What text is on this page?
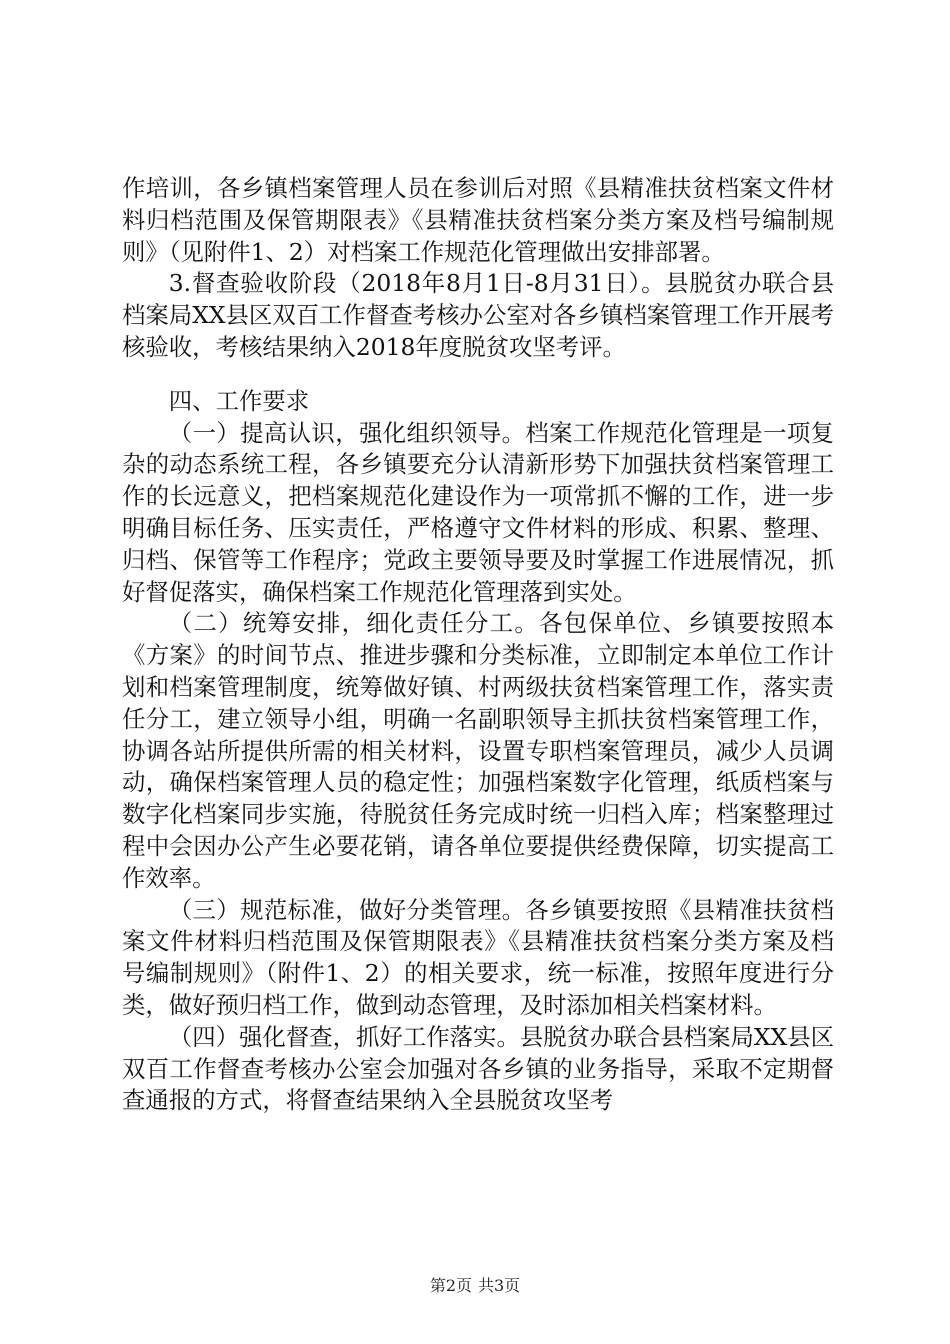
作培训，各乡镇档案管理人员在参训后对照《县精准扶贫档案文件材料归档范围及保管期限表》《县精准扶贫档案分类方案及档号编制规则》（见附件1、2）对档案工作规范化管理做出安排部署。

3.督查验收阶段（2018年8月1日-8月31日）。县脱贫办联合县档案局XX县区双百工作督查考核办公室对各乡镇档案管理工作开展考核验收，考核结果纳入2018年度脱贫攻坚考评。

四、工作要求

（一）提高认识，强化组织领导。档案工作规范化管理是一项复杂的动态系统工程，各乡镇要充分认清新形势下加强扶贫档案管理工作的长远意义，把档案规范化建设作为一项常抓不懈的工作，进一步明确目标任务、压实责任，严格遵守文件材料的形成、积累、整理、归档、保管等工作程序；党政主要领导要及时掌握工作进展情况，抓好督促落实，确保档案工作规范化管理落到实处。

（二）统筹安排，细化责任分工。各包保单位、乡镇要按照本《方案》的时间节点、推进步骤和分类标准，立即制定本单位工作计划和档案管理制度，统筹做好镇、村两级扶贫档案管理工作，落实责任分工，建立领导小组，明确一名副职领导主抓扶贫档案管理工作，协调各站所提供所需的相关材料，设置专职档案管理员，减少人员调动，确保档案管理人员的稳定性；加强档案数字化管理，纸质档案与数字化档案同步实施，待脱贫任务完成时统一归档入库；档案整理过程中会因办公产生必要花销，请各单位要提供经费保障，切实提高工作效率。

（三）规范标准，做好分类管理。各乡镇要按照《县精准扶贫档案文件材料归档范围及保管期限表》《县精准扶贫档案分类方案及档号编制规则》（附件1、2）的相关要求，统一标准，按照年度进行分类，做好预归档工作，做到动态管理，及时添加相关档案材料。

（四）强化督查，抓好工作落实。县脱贫办联合县档案局XX县区双百工作督查考核办公室会加强对各乡镇的业务指导，采取不定期督查通报的方式，将督查结果纳入全县脱贫攻坚考

第2页 共3页
